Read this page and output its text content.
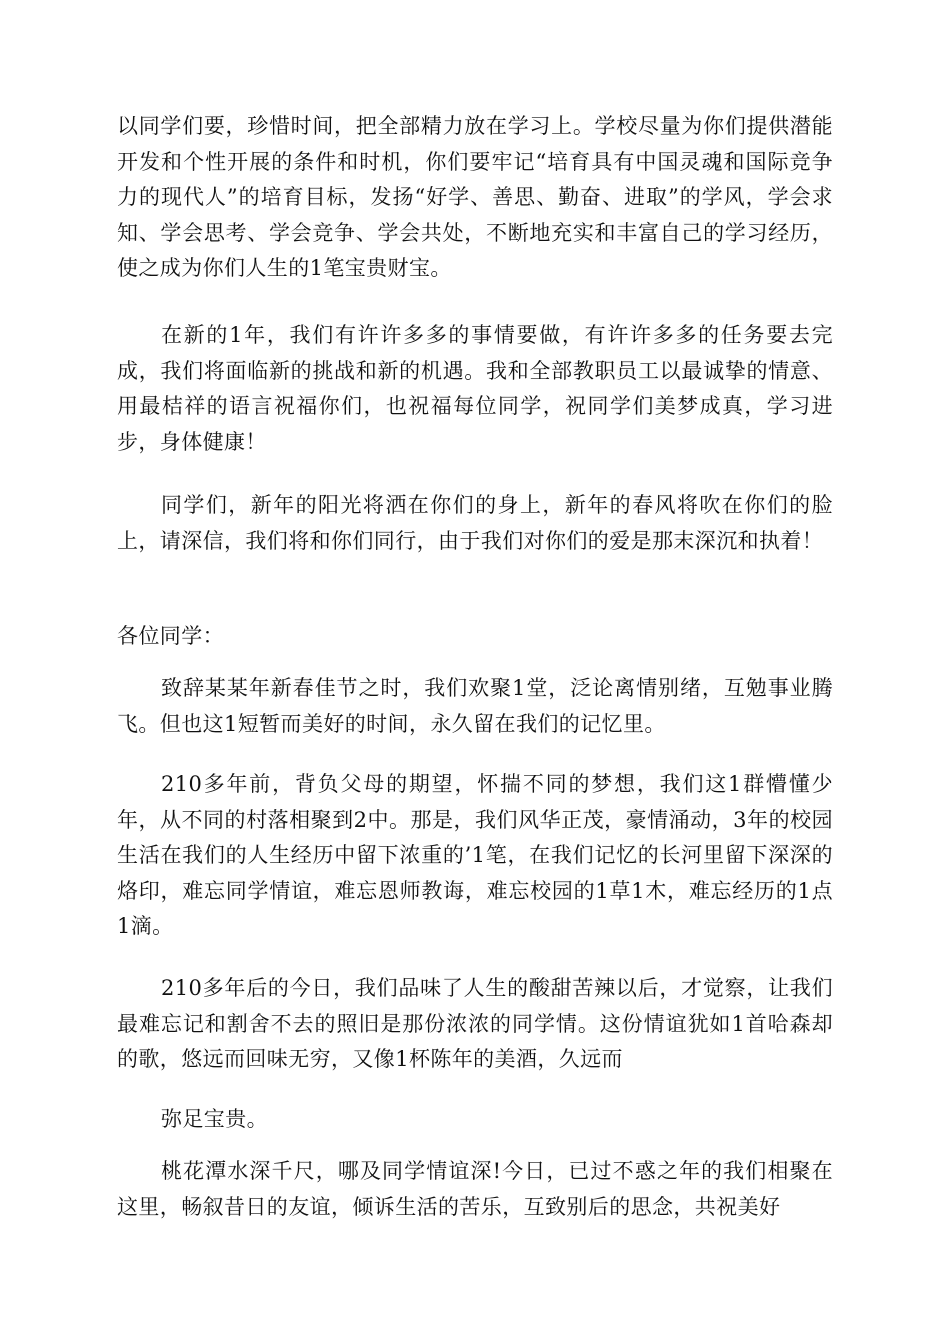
以同学们要，珍惜时间，把全部精力放在学习上。学校尽量为你们提供潜能开发和个性开展的条件和时机，你们要牢记“培育具有中国灵魂和国际竞争力的现代人”的培育目标，发扬“好学、善思、勤奋、进取”的学风，学会求知、学会思考、学会竞争、学会共处，不断地充实和丰富自己的学习经历，使之成为你们人生的1笔宝贵财宝。

在新的1年，我们有许许多多的事情要做，有许许多多的任务要去完成，我们将面临新的挑战和新的机遇。我和全部教职员工以最诚挚的情意、用最桔祥的语言祝福你们，也祝福每位同学，祝同学们美梦成真，学习进步，身体健康！

同学们，新年的阳光将洒在你们的身上，新年的春风将吹在你们的脸上，请深信，我们将和你们同行，由于我们对你们的爱是那末深沉和执着！

各位同学：

致辞某某年新春佳节之时，我们欢聚1堂，泛论离情别绪，互勉事业腾飞。但也这1短暂而美好的时间，永久留在我们的记忆里。

210多年前，背负父母的期望，怀揣不同的梦想，我们这1群懵懂少年，从不同的村落相聚到2中。那是，我们风华正茂，豪情涌动，3年的校园生活在我们的人生经历中留下浓重的’1笔，在我们记忆的长河里留下深深的烙印，难忘同学情谊，难忘恩师教诲，难忘校园的1草1木，难忘经历的1点1滴。

210多年后的今日，我们品味了人生的酸甜苦辣以后，才觉察，让我们最难忘记和割舍不去的照旧是那份浓浓的同学情。这份情谊犹如1首哈森却的歌，悠远而回味无穷，又像1杯陈年的美酒，久远而

弥足宝贵。

桃花潭水深千尺，哪及同学情谊深!今日，已过不惑之年的我们相聚在这里，畅叙昔日的友谊，倾诉生活的苦乐，互致别后的思念，共祝美好
